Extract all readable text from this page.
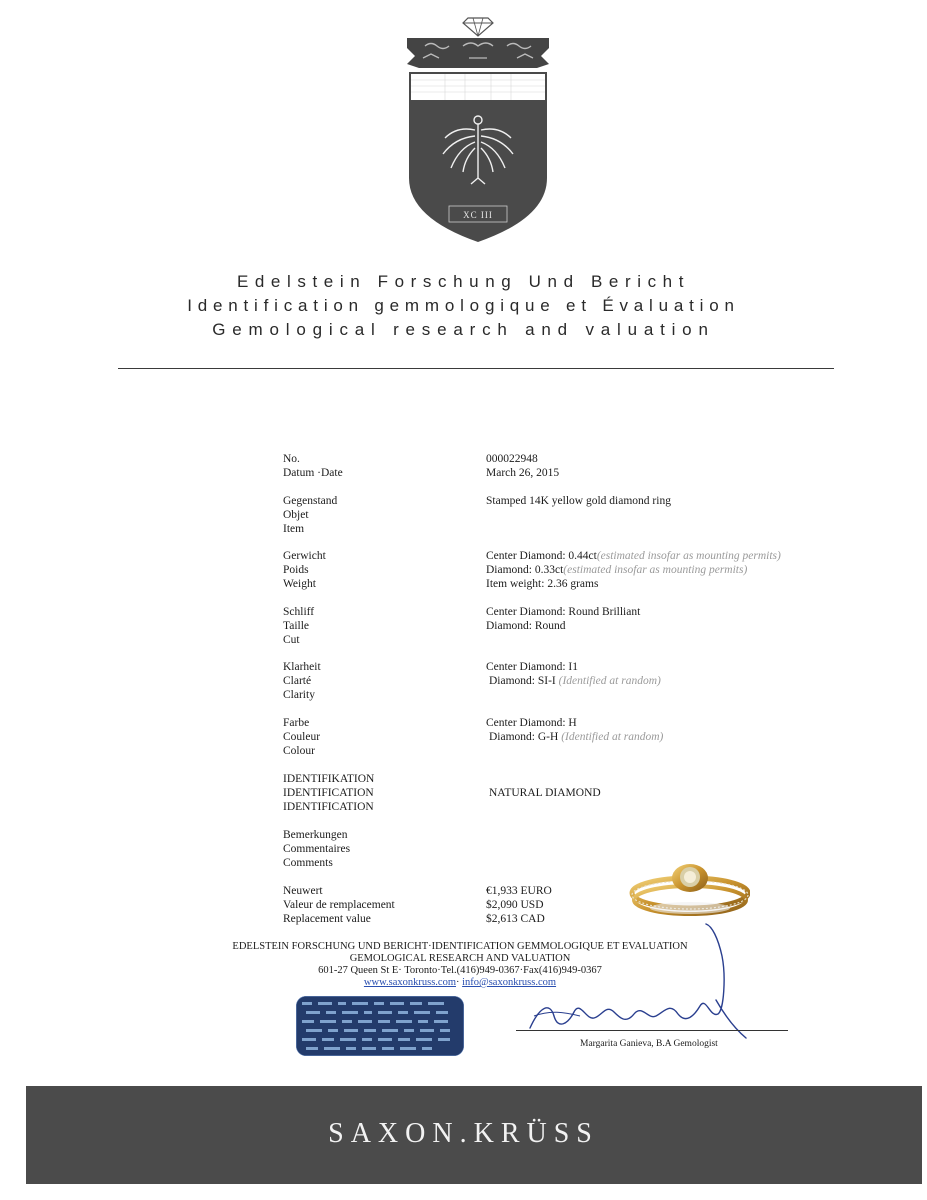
XC III
Edelstein Forschung Und Bericht
Identification gemmologique et Évaluation
Gemological research and valuation
No.	000022948
Datum ·Date	March 26, 2015
Gegenstand
Objet
Item
Stamped 14K yellow gold diamond ring
Gerwicht
Poids
Weight
Center Diamond: 0.44ct(estimated insofar as mounting permits)
Diamond: 0.33ct(estimated insofar as mounting permits)
Item weight: 2.36 grams
Schliff
Taille
Cut
Center Diamond: Round Brilliant
Diamond: Round
Klarheit
Clarté
Clarity
Center Diamond: I1
Diamond: SI-I (Identified at random)
Farbe
Couleur
Colour
Center Diamond: H
Diamond: G-H (Identified at random)
IDENTIFIKATION
IDENTIFICATION
IDENTIFICATION
NATURAL DIAMOND
Bemerkungen
Commentaires
Comments
Neuwert
Valeur de remplacement
Replacement value
€1,933 EURO
$2,090 USD
$2,613 CAD
EDELSTEIN FORSCHUNG UND BERICHT·IDENTIFICATION GEMMOLOGIQUE ET EVALUATION
GEMOLOGICAL RESEARCH AND VALUATION
601-27 Queen St E· Toronto·Tel.(416)949-0367·Fax(416)949-0367
www.saxonkruss.com· info@saxonkruss.com
Margarita Ganieva, B.A Gemologist
SAXON.KRÜSS
